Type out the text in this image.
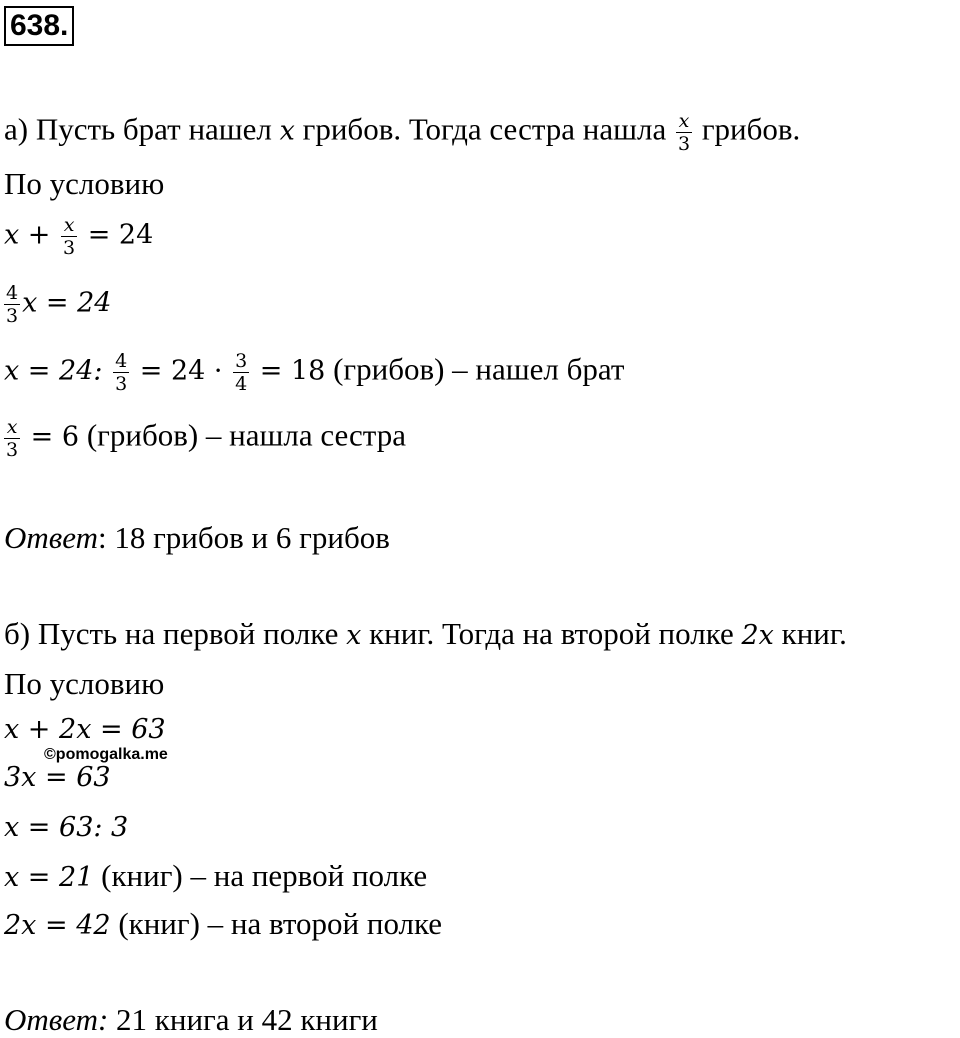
638.
а) Пусть брат нашел x грибов. Тогда сестра нашла $\frac{x}{3}$ грибов.
По условию
$x + \frac{x}{3} = 24$
$\frac{4}{3}$ x = 24
x = 24: $\frac{4}{3} = 24 \cdot \frac{3}{4} = 18$ (грибов) – нашел брат
$\frac{x}{3} = 6$ (грибов) – нашла сестра
Ответ: 18 грибов и 6 грибов
б) Пусть на первой полке x книг. Тогда на второй полке 2x книг.
По условию
x + 2x = 63
3x = 63
x = 63: 3
x = 21 (книг) – на первой полке
2x = 42 (книг) – на второй полке
Ответ: 21 книга и 42 книги
©pomogalka.me
